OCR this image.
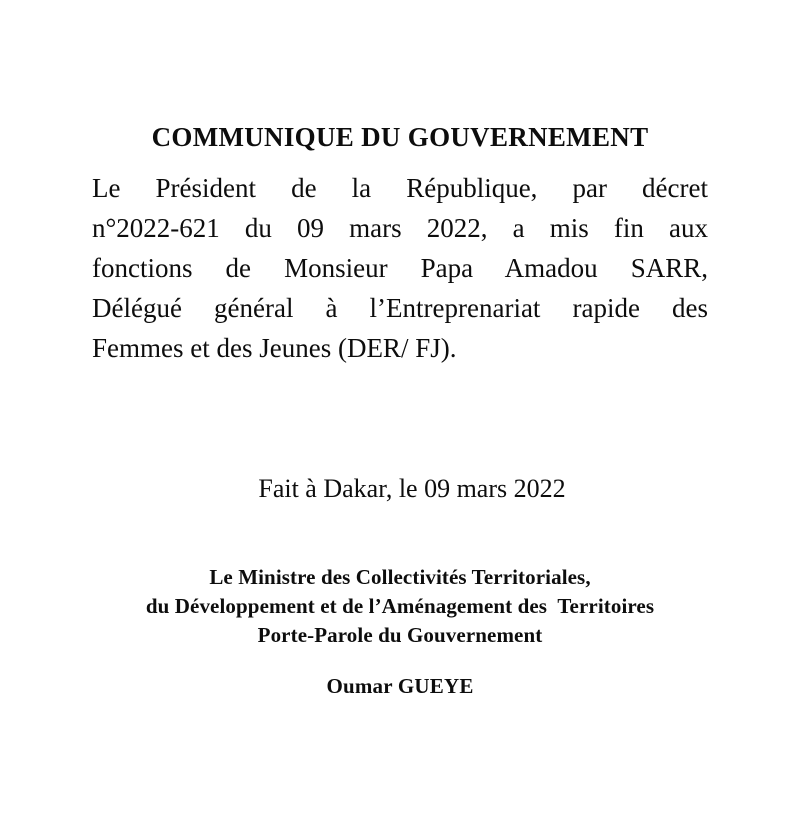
COMMUNIQUE DU GOUVERNEMENT
Le Président de la République, par décret
n°2022-621 du 09 mars 2022, a mis fin aux
fonctions de Monsieur Papa Amadou SARR,
Délégué général à l’Entreprenariat rapide des
Femmes et des Jeunes (DER/ FJ).
Fait à Dakar, le 09 mars 2022
Le Ministre des Collectivités Territoriales,
du Développement et de l’Aménagement des  Territoires
Porte-Parole du Gouvernement
Oumar GUEYE
